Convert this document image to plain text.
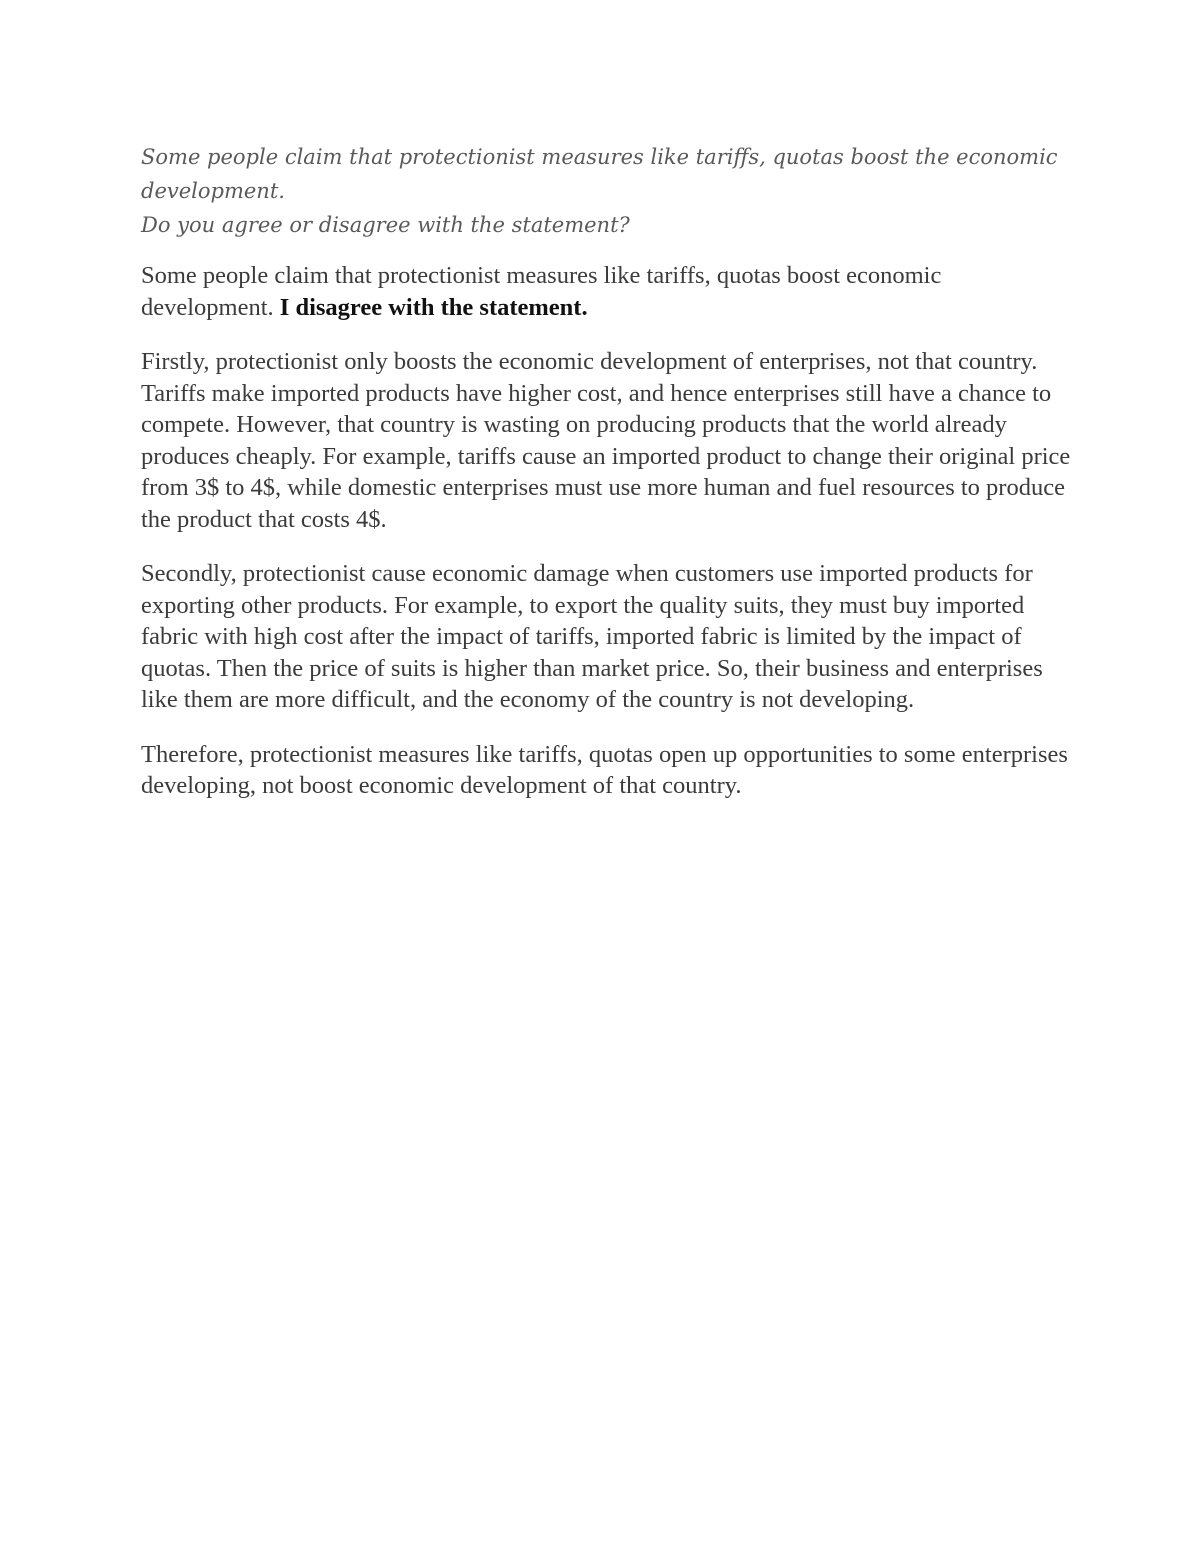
Some people claim that protectionist measures like tariffs, quotas boost the economic development.

Do you agree or disagree with the statement?

Some people claim that protectionist measures like tariffs, quotas boost economic development. I disagree with the statement.

Firstly, protectionist only boosts the economic development of enterprises, not that country. Tariffs make imported products have higher cost, and hence enterprises still have a chance to compete. However, that country is wasting on producing products that the world already produces cheaply. For example, tariffs cause an imported product to change their original price from 3$ to 4$, while domestic enterprises must use more human and fuel resources to produce the product that costs 4$.

Secondly, protectionist cause economic damage when customers use imported products for exporting other products. For example, to export the quality suits, they must buy imported fabric with high cost after the impact of tariffs, imported fabric is limited by the impact of quotas. Then the price of suits is higher than market price. So, their business and enterprises like them are more difficult, and the economy of the country is not developing.

Therefore, protectionist measures like tariffs, quotas open up opportunities to some enterprises developing, not boost economic development of that country.
